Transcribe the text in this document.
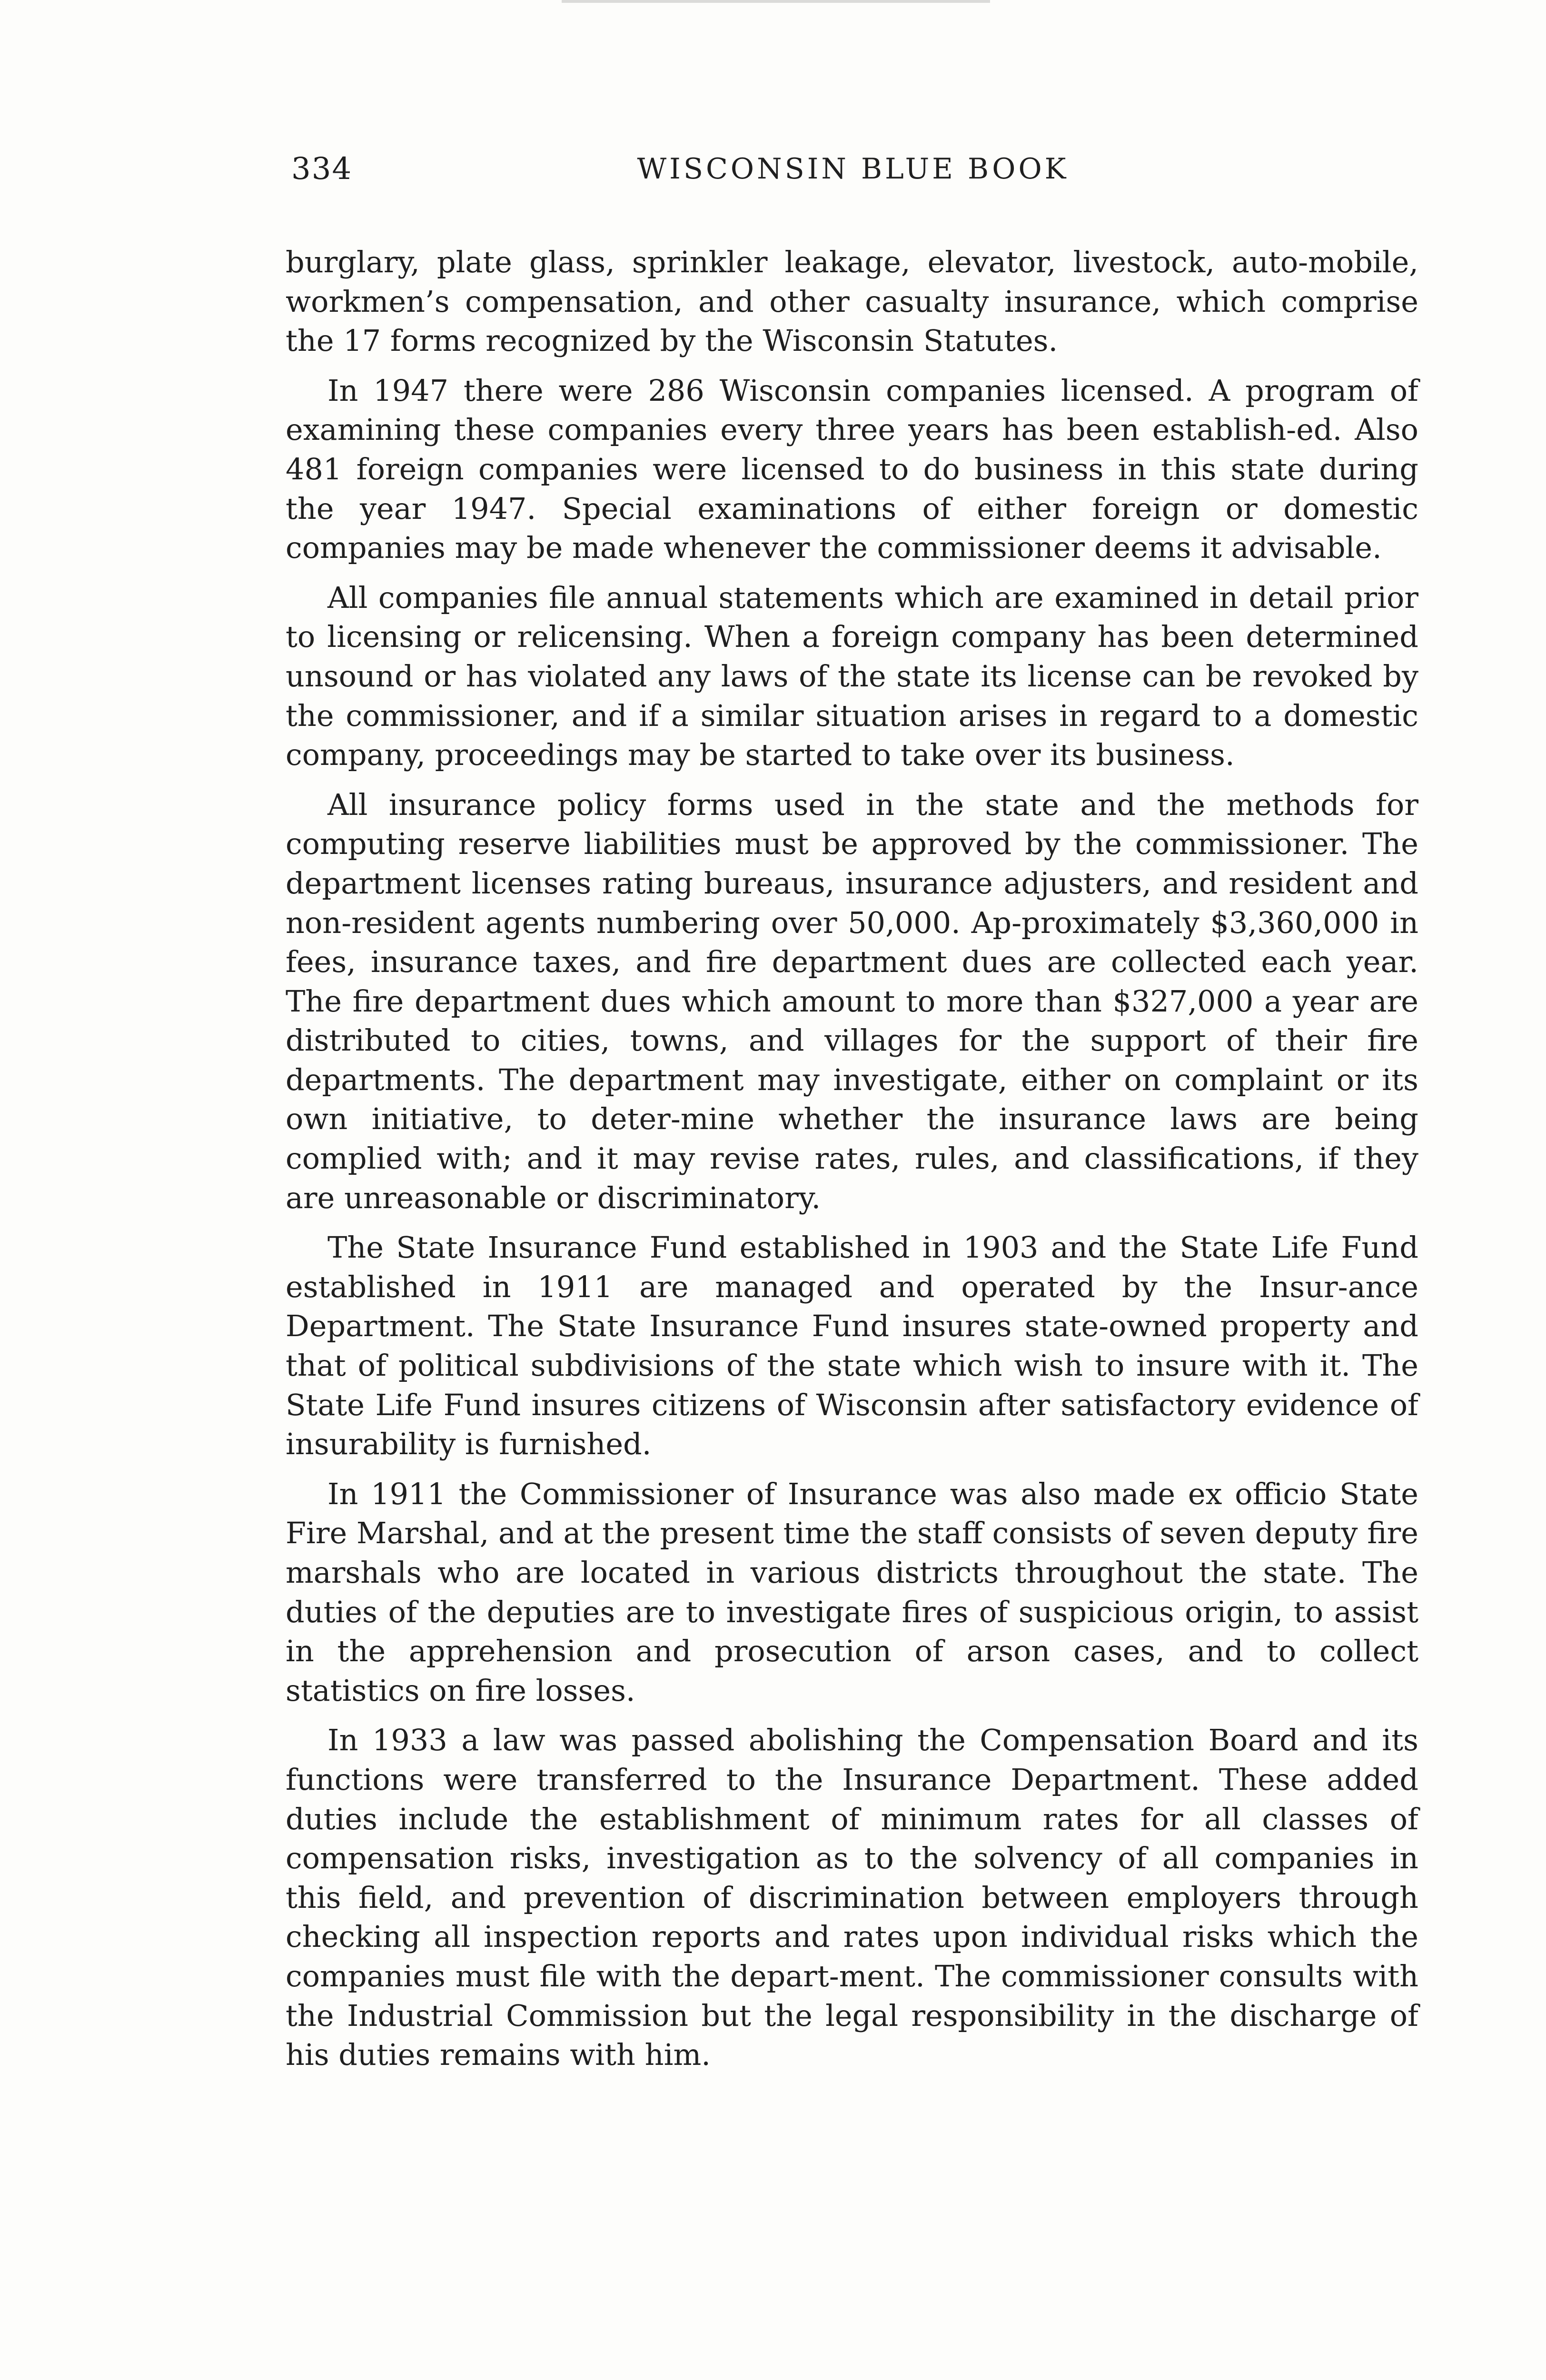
334	WISCONSIN BLUE BOOK

burglary, plate glass, sprinkler leakage, elevator, livestock, auto-mobile, workmen’s compensation, and other casualty insurance, which comprise the 17 forms recognized by the Wisconsin Statutes.

In 1947 there were 286 Wisconsin companies licensed. A program of examining these companies every three years has been establish-ed. Also 481 foreign companies were licensed to do business in this state during the year 1947. Special examinations of either foreign or domestic companies may be made whenever the commissioner deems it advisable.

All companies file annual statements which are examined in detail prior to licensing or relicensing. When a foreign company has been determined unsound or has violated any laws of the state its license can be revoked by the commissioner, and if a similar situation arises in regard to a domestic company, proceedings may be started to take over its business.

All insurance policy forms used in the state and the methods for computing reserve liabilities must be approved by the commissioner. The department licenses rating bureaus, insurance adjusters, and resident and non-resident agents numbering over 50,000. Ap-proximately $3,360,000 in fees, insurance taxes, and fire department dues are collected each year. The fire department dues which amount to more than $327,000 a year are distributed to cities, towns, and villages for the support of their fire departments. The department may investigate, either on complaint or its own initiative, to deter-mine whether the insurance laws are being complied with; and it may revise rates, rules, and classifications, if they are unreasonable or discriminatory.

The State Insurance Fund established in 1903 and the State Life Fund established in 1911 are managed and operated by the Insur-ance Department. The State Insurance Fund insures state-owned property and that of political subdivisions of the state which wish to insure with it. The State Life Fund insures citizens of Wisconsin after satisfactory evidence of insurability is furnished.

In 1911 the Commissioner of Insurance was also made ex officio State Fire Marshal, and at the present time the staff consists of seven deputy fire marshals who are located in various districts throughout the state. The duties of the deputies are to investigate fires of suspicious origin, to assist in the apprehension and prosecution of arson cases, and to collect statistics on fire losses.

In 1933 a law was passed abolishing the Compensation Board and its functions were transferred to the Insurance Department. These added duties include the establishment of minimum rates for all classes of compensation risks, investigation as to the solvency of all companies in this field, and prevention of discrimination between employers through checking all inspection reports and rates upon individual risks which the companies must file with the depart-ment. The commissioner consults with the Industrial Commission but the legal responsibility in the discharge of his duties remains with him.
